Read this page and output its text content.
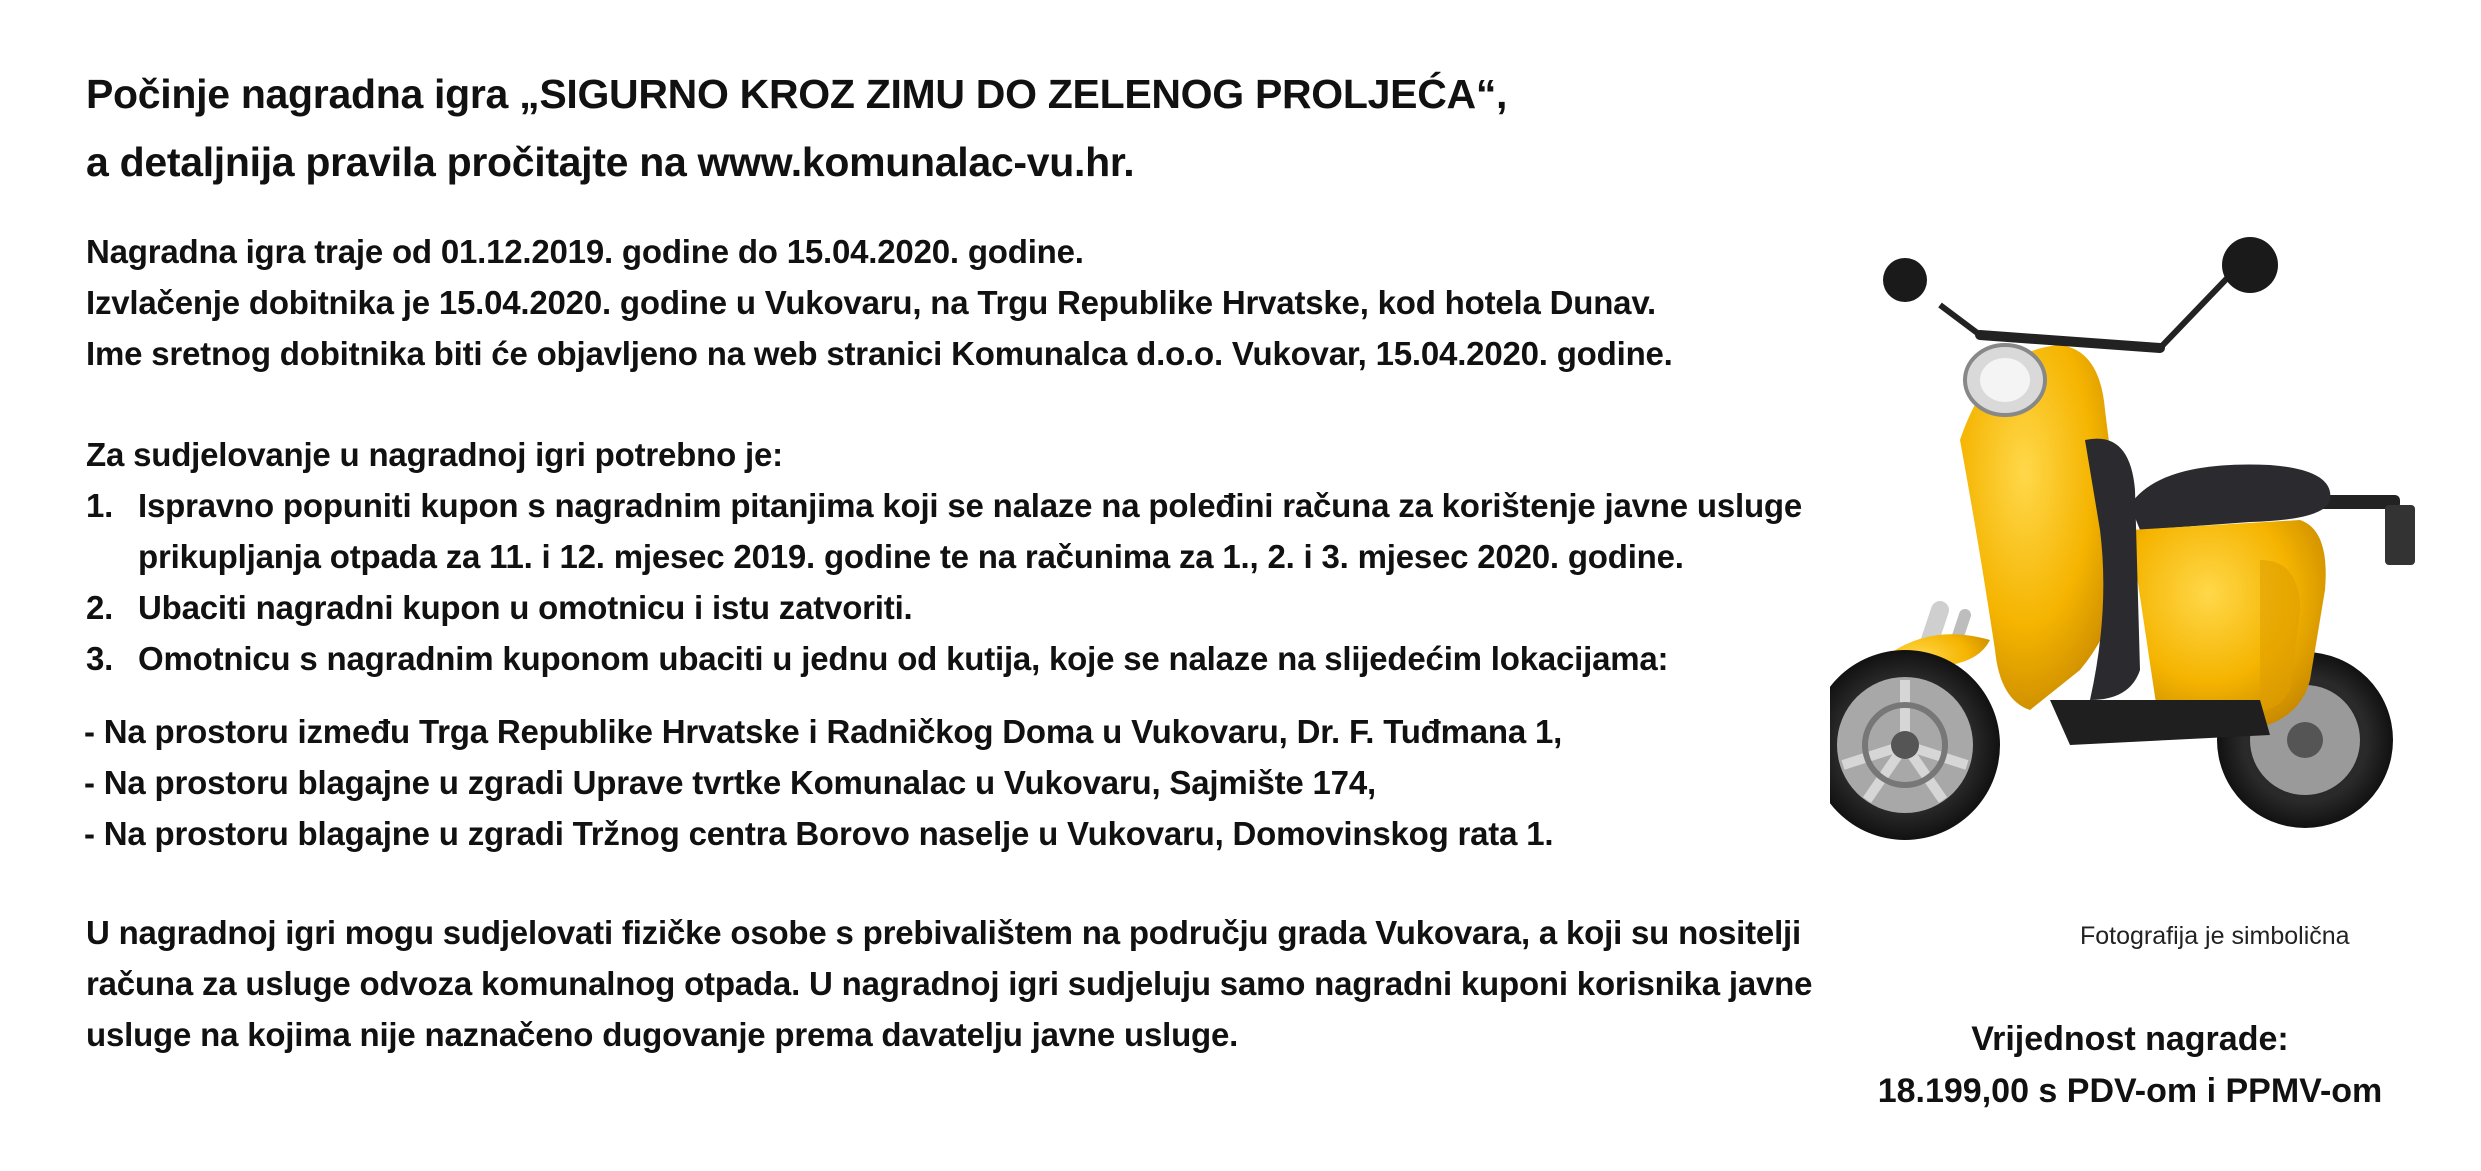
Počinje nagradna igra „SIGURNO KROZ ZIMU DO ZELENOG PROLJEĆA“,

a detaljnija pravila pročitajte na www.komunalac-vu.hr.

Nagradna igra traje od 01.12.2019. godine do 15.04.2020. godine.

Izvlačenje dobitnika je 15.04.2020. godine u Vukovaru, na Trgu Republike Hrvatske, kod hotela Dunav.

Ime sretnog dobitnika biti će objavljeno na web stranici Komunalca d.o.o. Vukovar, 15.04.2020. godine.

Za sudjelovanje u nagradnoj igri potrebno je:

1. Ispravno popuniti kupon s nagradnim pitanjima koji se nalaze na poleđini računa za korištenje javne usluge prikupljanja otpada za 11. i 12. mjesec 2019. godine te na računima za 1., 2. i 3. mjesec 2020. godine.
2. Ubaciti nagradni kupon u omotnicu i istu zatvoriti.
3. Omotnicu s nagradnim kuponom ubaciti u jednu od kutija, koje se nalaze na slijedećim lokacijama:

- Na prostoru između Trga Republike Hrvatske i Radničkog Doma u Vukovaru, Dr. F. Tuđmana 1,

- Na prostoru blagajne u zgradi Uprave tvrtke Komunalac u Vukovaru, Sajmište 174,

- Na prostoru blagajne u zgradi Tržnog centra Borovo naselje u Vukovaru, Domovinskog rata 1.

U nagradnoj igri mogu sudjelovati fizičke osobe s prebivalištem na području grada Vukovara, a koji su nositelji računa za usluge odvoza komunalnog otpada. U nagradnoj igri sudjeluju samo nagradni kuponi korisnika javne usluge na kojima nije naznačeno dugovanje prema davatelju javne usluge.

Fotografija je simbolična
Vrijednost nagrade:
18.199,00 s PDV-om i PPMV-om
